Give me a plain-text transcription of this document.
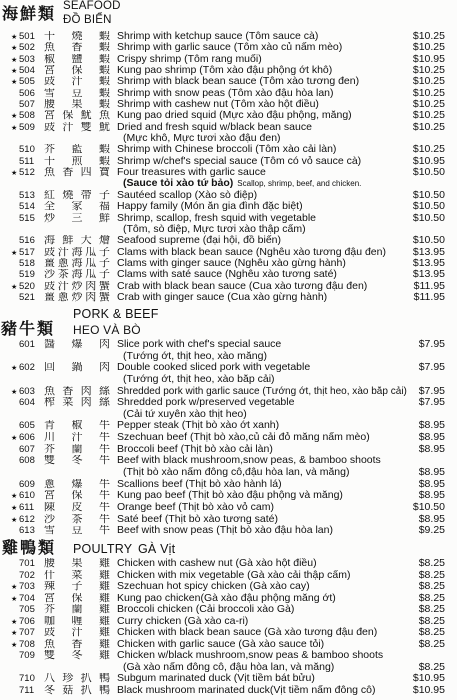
海鮮類 SEAFOOD
ĐỒ BIỂN
★
501 干燒蝦 Shrimp with ketchup sauce (Tôm sauce cà)	$10.25
★
502 魚香蝦 Shrimp with garlic sauce (Tôm xào củ nấm mèo)	$10.25
★
503 椒鹽蝦 Crispy shrimp (Tôm rang muối)	$10.95
★
504 宮保蝦 Kung pao shrimp (Tôm xào đậu phộng ớt khô)	$10.25
★
505 豉汁蝦 Shrimp with black bean sauce (Tôm xào tương đen)	$10.25
506 雪豆蝦 Shrimp with snow peas (Tôm xào đậu hòa lan)	$10.25
507 腰果蝦 Shrimp with cashew nut (Tôm xào hột điều)	$10.25
★
508 宮保魷魚 Kung pao dried squid (Mực xào đậu phộng, măng)	$10.25
★
509 豉汁雙魷 Dried and fresh squid w/black bean sauce	$10.25
(Mực khô, Mực tươi xào đậu đen)
510 芥藍蝦 Shrimp with Chinese broccoli (Tôm xào cải làn)	$10.25
511 干煎蝦 Shrimp w/chef's special sauce (Tôm có vỏ sauce cà)	$10.95
★
512 魚香四寶 Four treasures with garlic sauce	$10.50
(Sauce tỏi xào tứ bảo) Scallop, shrimp, beef, and chicken.
513 紅燒帶子 Sautéed scallop (Xào sò điệp)	$10.50
514 全家福 Happy family (Món ăn gia đình đặc biệt)	$10.50
515 炒三鮮 Shrimp, scallop, fresh squid with vegetable	$10.50
(Tôm, sò điệp, Mực tươi xào thập cẩm)
516 海鮮大燴 Seafood supreme (đại hội, đồ biển)	$10.50
★
517 豉汁海瓜子 Clams with black bean sauce (Nghêu xào tương đậu đen)	$13.95
518 薑蔥海瓜子 Clams with ginger sauce (Nghêu xào gừng hành)	$13.95
519 沙茶海瓜子 Clams with saté sauce (Nghêu xào tương saté)	$13.95
★
520 豉汁炒肉蟹 Crab with black bean sauce (Cua xào tương đậu đen)	$11.95
521 薑蔥炒肉蟹 Crab with ginger sauce (Cua xào gừng hành)	$11.95
PORK & BEEF
豬牛類 HEO VÀ BÒ
601 醬爆肉 Slice pork with chef's special sauce	$7.95
(Tướng ớt, thịt heo, xào măng)
★
602 回鍋肉 Double cooked sliced pork with vegetable	$7.95
(Tướng ớt, thịt heo, xào bắp cải)
★
603 魚香肉絲 Shredded pork with garlic sauce (Tướng ớt, thịt heo, xào bắp cải)	$7.95
604 榨菜肉絲 Shredded pork w/preserved vegetable	$7.95
(Cải tứ xuyên xào thịt heo)
605 青椒牛 Pepper steak (Thịt bò xào ớt xanh)	$8.95
★
606 川汁牛 Szechuan beef (Thịt bò xào,củ cải đỏ măng nấm mèo)	$8.95
607 芥蘭牛 Broccoli beef (Thịt bò xào cải làn)	$8.95
608 雙冬牛 Beef with black mushroom,snow peas, & bamboo shoots
(Thịt bò xào nấm đông cô,đậu hòa lan, và măng)	$8.95
609 蔥爆牛 Scallions beef (Thịt bò xào hành lá)	$8.95
★
610 宮保牛 Kung pao beef (Thịt bò xào đậu phộng và măng)	$8.95
★
611 陳皮牛 Orange beef (Thịt bò xào vỏ cam)	$10.50
★
612 沙茶牛 Saté beef (Thịt bò xào tương saté)	$8.95
613 雪豆牛 Beef with snow peas (Thịt bò xào đậu hòa lan)	$9.25
雞鴨類 POULTRY GÀ Vịt
701 腰果雞 Chicken with cashew nut (Gà xào hột điều)	$8.25
702 什菜雞 Chicken with mix vegetable (Gà xào cải thập cẩm)	$8.25
★
703 辣子雞 Szechuan hot spicy chicken (Gà xào cay)	$8.25
★
704 宮保雞 Kung pao chicken(Gà xào đậu phộng măng ớt)	$8.25
705 芥蘭雞 Broccoli chicken (Cải broccoli xào Gà)	$8.25
★
706 咖喱雞 Curry chicken (Gà xào ca-ri)	$8.25
★
707 豉汁雞 Chicken with black bean sauce (Gà xào tương đậu đen)	$8.25
★
708 魚香雞 Chicken with garlic sauce (Gà xào sauce tỏi)	$8.25
709 雙冬雞 Chicken w/black mushroom,snow peas & bamboo shoots
(Gà xào nấm đông cô, đậu hòa lan, và măng)	$8.25
710 八珍扒鴨 Subgum marinated duck (Vịt tiềm bát bửu)	$10.95
711 冬菇扒鴨 Black mushroom marinated duck(Vịt tiềm nấm đông cô)	$10.95
